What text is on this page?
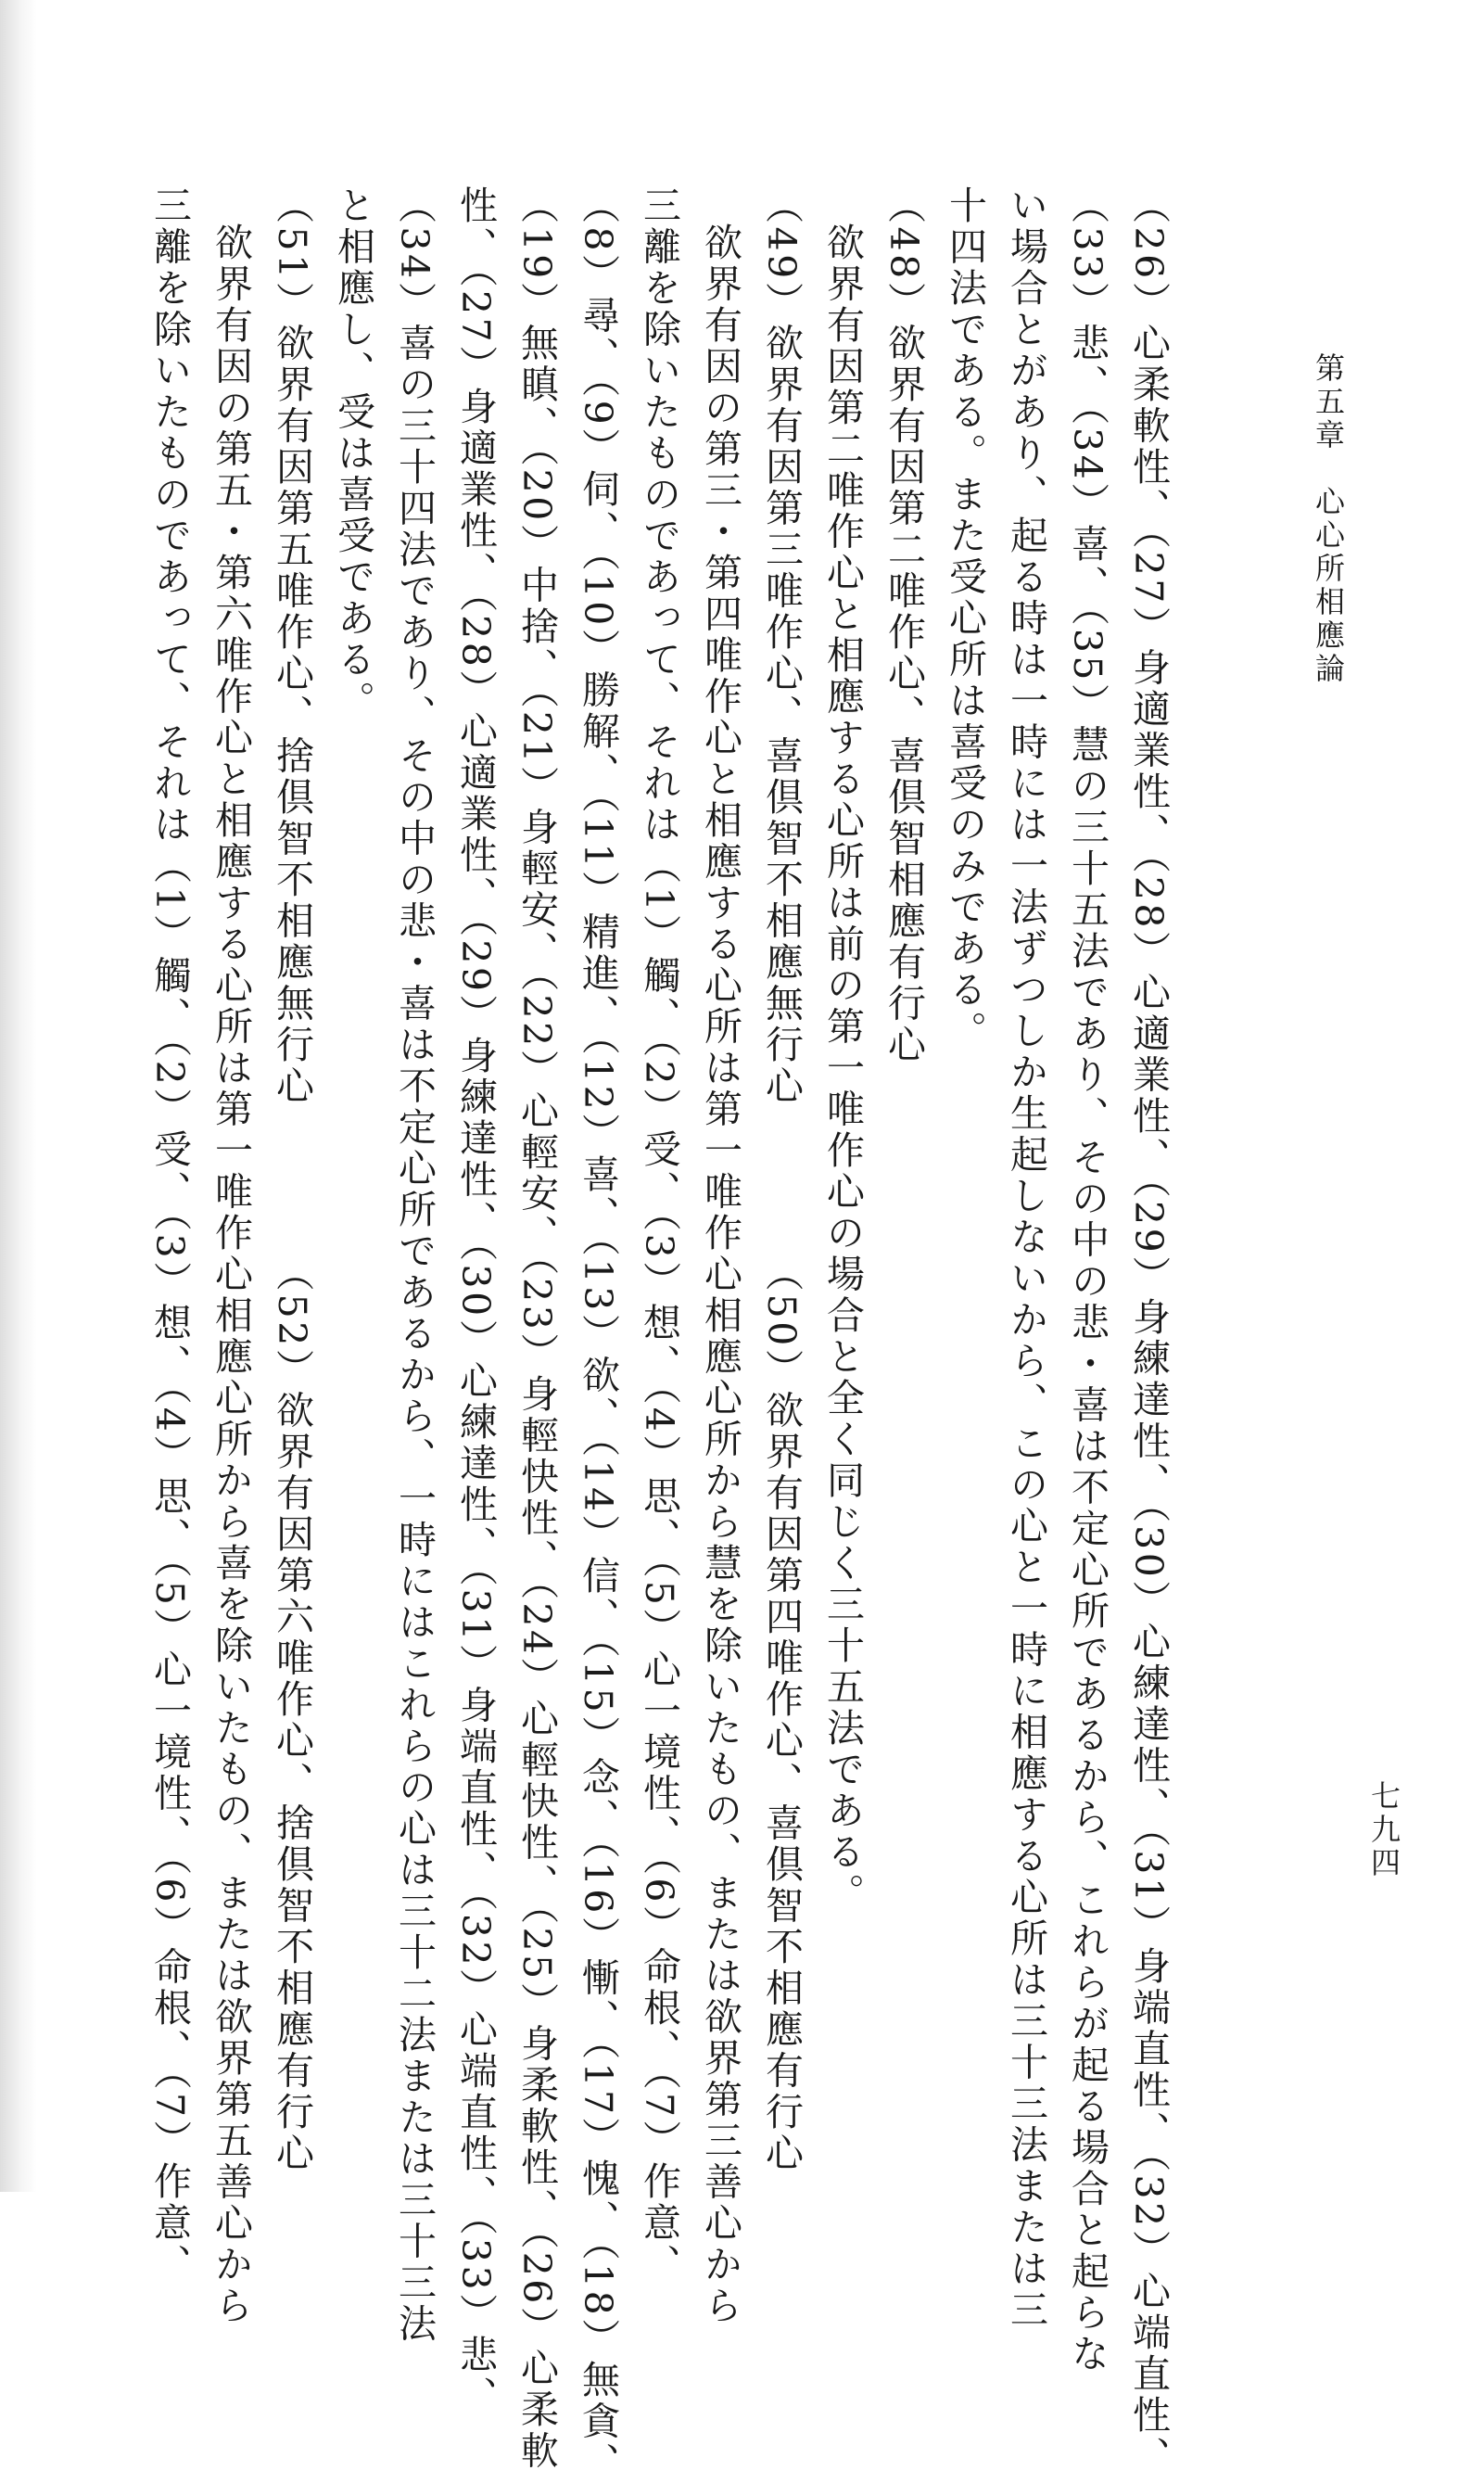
第五章　心心所相應論
七九四
（26）心柔軟性、（27）身適業性、（28）心適業性、（29）身練達性、（30）心練達性、（31）身端直性、（32）心端直性、
（33）悲、（34）喜、（35）慧の三十五法であり、その中の悲・喜は不定心所であるから、これらが起る場合と起らな
い場合とがあり、起る時は一時には一法ずつしか生起しないから、この心と一時に相應する心所は三十三法または三
十四法である。また受心所は喜受のみである。
（48）欲界有因第二唯作心、喜倶智相應有行心
欲界有因第二唯作心と相應する心所は前の第一唯作心の場合と全く同じく三十五法である。
（49）欲界有因第三唯作心、喜倶智不相應無行心　　　　（50）欲界有因第四唯作心、喜倶智不相應有行心
欲界有因の第三・第四唯作心と相應する心所は第一唯作心相應心所から慧を除いたもの、または欲界第三善心から
三離を除いたものであって、それは（1）觸、（2）受、（3）想、（4）思、（5）心一境性、（6）命根、（7）作意、
（8）尋、（9）伺、（10）勝解、（11）精進、（12）喜、（13）欲、（14）信、（15）念、（16）慚、（17）愧、（18）無貪、
（19）無瞋、（20）中捨、（21）身輕安、（22）心輕安、（23）身輕快性、（24）心輕快性、（25）身柔軟性、（26）心柔軟
性、（27）身適業性、（28）心適業性、（29）身練達性、（30）心練達性、（31）身端直性、（32）心端直性、（33）悲、
（34）喜の三十四法であり、その中の悲・喜は不定心所であるから、一時にはこれらの心は三十二法または三十三法
と相應し、受は喜受である。
（51）欲界有因第五唯作心、捨倶智不相應無行心　　　　（52）欲界有因第六唯作心、捨倶智不相應有行心
欲界有因の第五・第六唯作心と相應する心所は第一唯作心相應心所から喜を除いたもの、または欲界第五善心から
三離を除いたものであって、それは（1）觸、（2）受、（3）想、（4）思、（5）心一境性、（6）命根、（7）作意、
